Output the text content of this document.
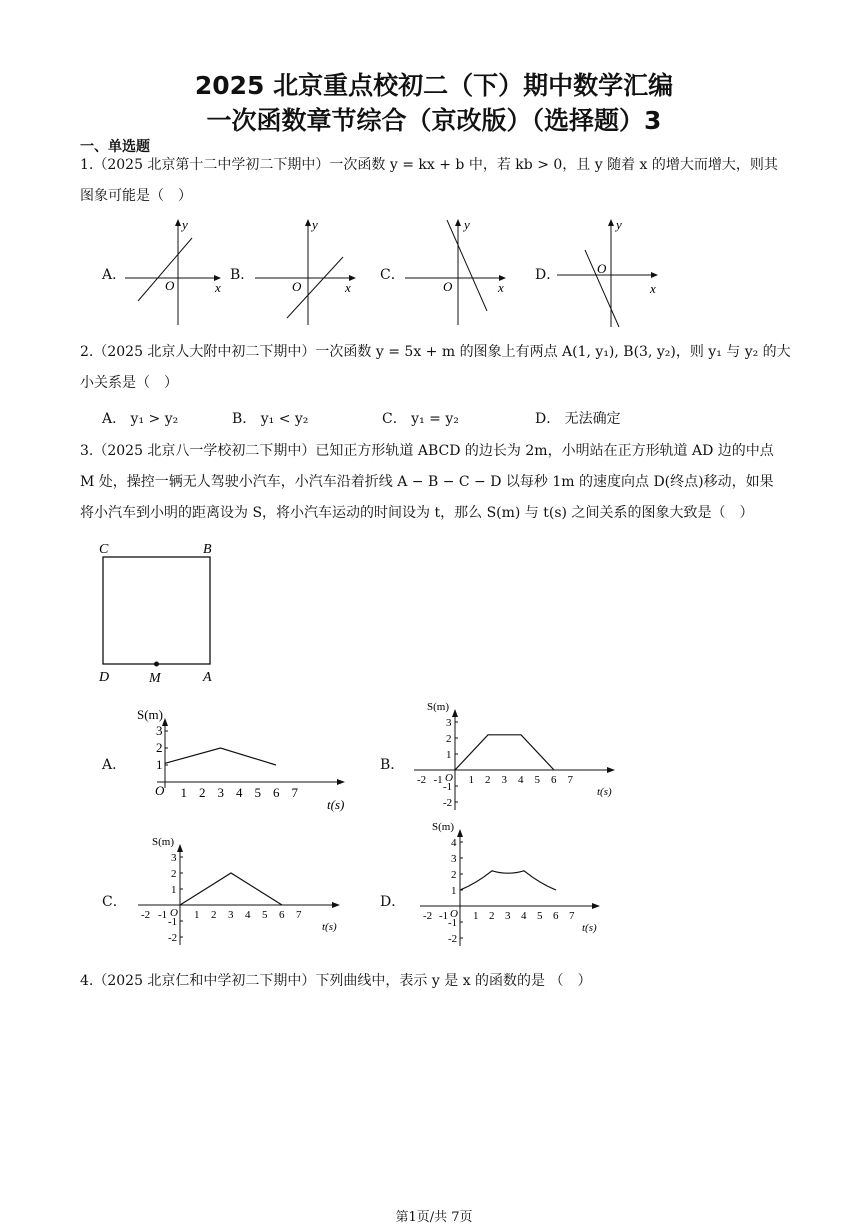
2025 北京重点校初二（下）期中数学汇编
一次函数章节综合（京改版）（选择题）3
一、单选题
1.（2025 北京第十二中学初二下期中）一次函数 y = kx + b 中，若 kb > 0，且 y 随着 x 的增大而增大，则其
图象可能是（　）
A．	B．	C．	D．
O	x
y
O	x
y
O	x
y
O
x
y
2.（2025 北京人大附中初二下期中）一次函数 y = 5x + m 的图象上有两点 A(1, y₁), B(3, y₂)，则 y₁ 与 y₂ 的大
小关系是（　）
A． y₁ > y₂	B． y₁ < y₂	C． y₁ = y₂	D． 无法确定
3.（2025 北京八一学校初二下期中）已知正方形轨道 ABCD 的边长为 2m，小明站在正方形轨道 AD 边的中点
M 处，操控一辆无人驾驶小汽车，小汽车沿着折线 A − B − C − D 以每秒 1m 的速度向点 D(终点)移动，如果
将小汽车到小明的距离设为 S，将小汽车运动的时间设为 t，那么 S(m) 与 t(s) 之间关系的图象大致是（　）
C	B
D	M	A
A．	B．
C．	D．
1 2 3 4 5 6 7
1
2
3
O
S(m)
t(s)
-2 -1 1 2 3 4 5 6 7
-2
-1
1
2
3
O
S(m)
t(s)
-2 -1 1 2 3 4 5 6 7
-2
-1
1
2
3
O
S(m)
t(s)
-2 -1 1 2 3 4 5 6 7
-2
-1
1
2
3
4
O
S(m)
t(s)
4.（2025 北京仁和中学初二下期中）下列曲线中，表示 y 是 x 的函数的是 （　）
第1页/共 7页
